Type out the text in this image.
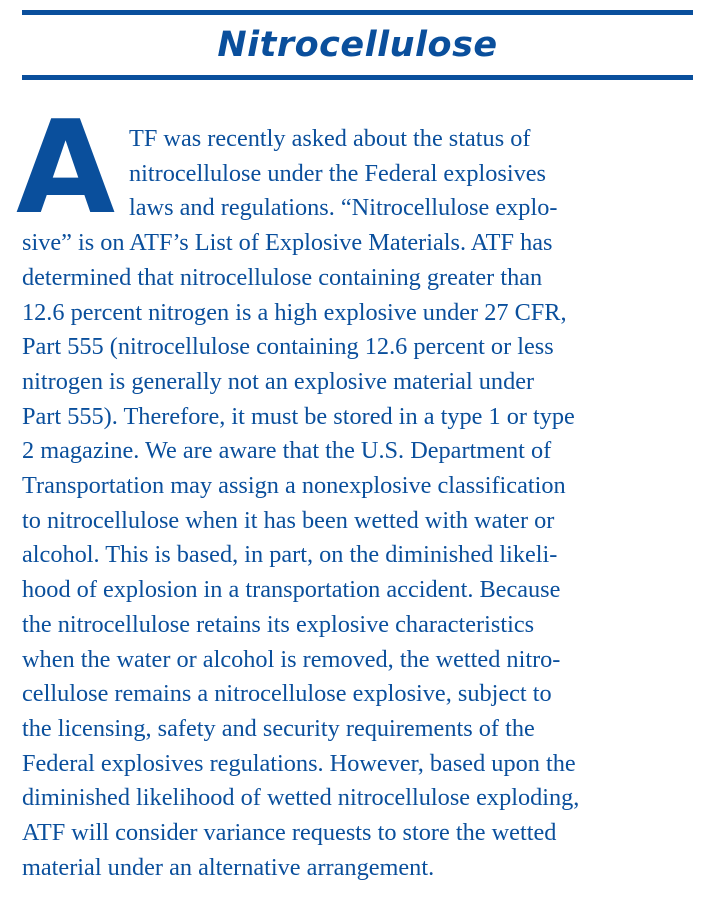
Nitrocellulose
A TF was recently asked about the status of
nitrocellulose under the Federal explosives
laws and regulations. “Nitrocellulose explo-
sive” is on ATF’s List of Explosive Materials. ATF has
determined that nitrocellulose containing greater than
12.6 percent nitrogen is a high explosive under 27 CFR,
Part 555 (nitrocellulose containing 12.6 percent or less
nitrogen is generally not an explosive material under
Part 555). Therefore, it must be stored in a type 1 or type
2 magazine. We are aware that the U.S. Department of
Transportation may assign a nonexplosive classification
to nitrocellulose when it has been wetted with water or
alcohol. This is based, in part, on the diminished likeli-
hood of explosion in a transportation accident. Because
the nitrocellulose retains its explosive characteristics
when the water or alcohol is removed, the wetted nitro-
cellulose remains a nitrocellulose explosive, subject to
the licensing, safety and security requirements of the
Federal explosives regulations. However, based upon the
diminished likelihood of wetted nitrocellulose exploding,
ATF will consider variance requests to store the wetted
material under an alternative arrangement.
